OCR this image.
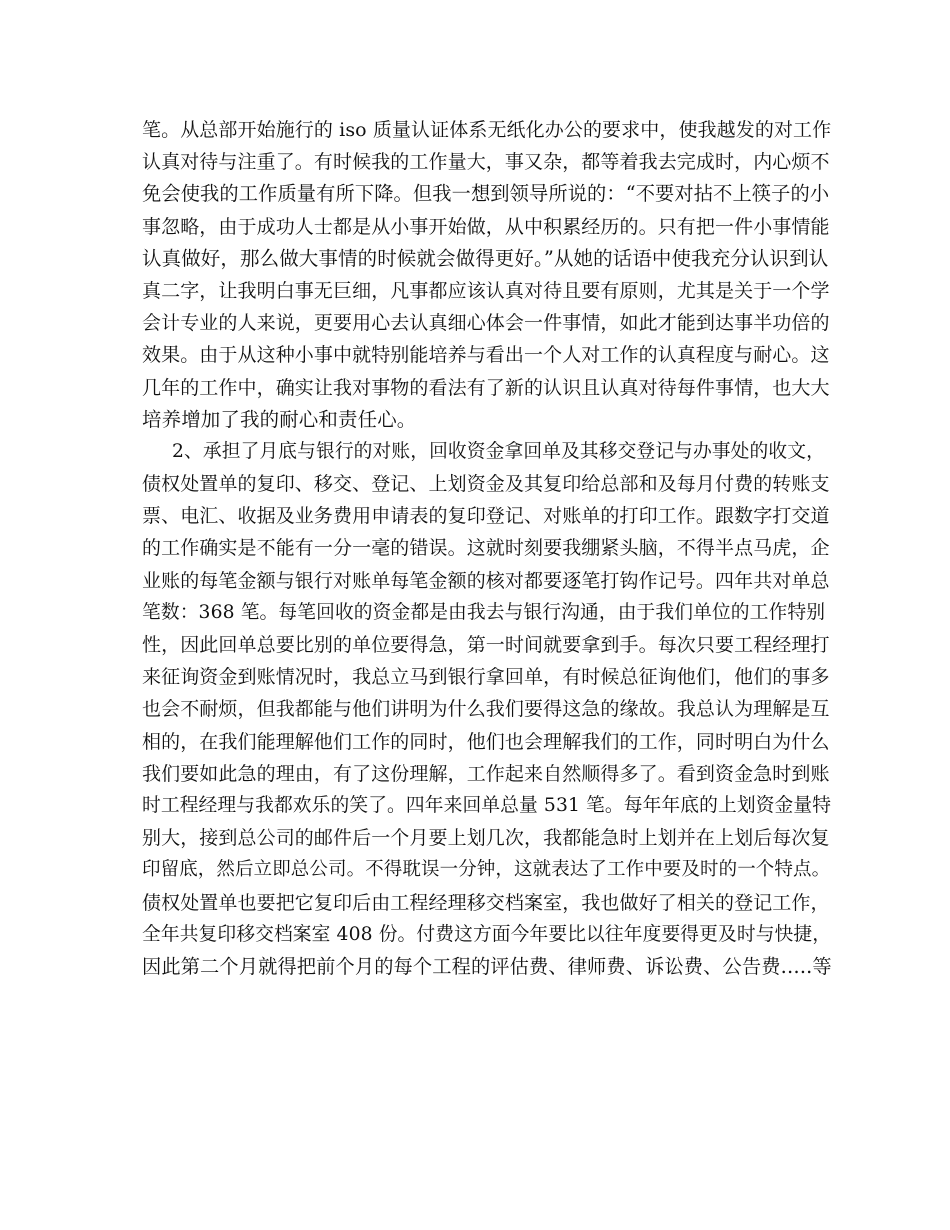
笔。从总部开始施行的 iso 质量认证体系无纸化办公的要求中，使我越发的对工作
认真对待与注重了。有时候我的工作量大，事又杂，都等着我去完成时，内心烦不
免会使我的工作质量有所下降。但我一想到领导所说的：“不要对拈不上筷子的小
事忽略，由于成功人士都是从小事开始做，从中积累经历的。只有把一件小事情能
认真做好，那么做大事情的时候就会做得更好。”从她的话语中使我充分认识到认
真二字，让我明白事无巨细，凡事都应该认真对待且要有原则，尤其是关于一个学
会计专业的人来说，更要用心去认真细心体会一件事情，如此才能到达事半功倍的
效果。由于从这种小事中就特别能培养与看出一个人对工作的认真程度与耐心。这
几年的工作中，确实让我对事物的看法有了新的认识且认真对待每件事情，也大大
培养增加了我的耐心和责任心。
2、承担了月底与银行的对账，回收资金拿回单及其移交登记与办事处的收文，
债权处置单的复印、移交、登记、上划资金及其复印给总部和及每月付费的转账支
票、电汇、收据及业务费用申请表的复印登记、对账单的打印工作。跟数字打交道
的工作确实是不能有一分一毫的错误。这就时刻要我绷紧头脑，不得半点马虎，企
业账的每笔金额与银行对账单每笔金额的核对都要逐笔打钩作记号。四年共对单总
笔数：368 笔。每笔回收的资金都是由我去与银行沟通，由于我们单位的工作特别
性，因此回单总要比别的单位要得急，第一时间就要拿到手。每次只要工程经理打
来征询资金到账情况时，我总立马到银行拿回单，有时候总征询他们，他们的事多
也会不耐烦，但我都能与他们讲明为什么我们要得这急的缘故。我总认为理解是互
相的，在我们能理解他们工作的同时，他们也会理解我们的工作，同时明白为什么
我们要如此急的理由，有了这份理解，工作起来自然顺得多了。看到资金急时到账
时工程经理与我都欢乐的笑了。四年来回单总量 531 笔。每年年底的上划资金量特
别大，接到总公司的邮件后一个月要上划几次，我都能急时上划并在上划后每次复
印留底，然后立即总公司。不得耽误一分钟，这就表达了工作中要及时的一个特点。
债权处置单也要把它复印后由工程经理移交档案室，我也做好了相关的登记工作，
全年共复印移交档案室 408 份。付费这方面今年要比以往年度要得更及时与快捷，
因此第二个月就得把前个月的每个工程的评估费、律师费、诉讼费、公告费…..等
